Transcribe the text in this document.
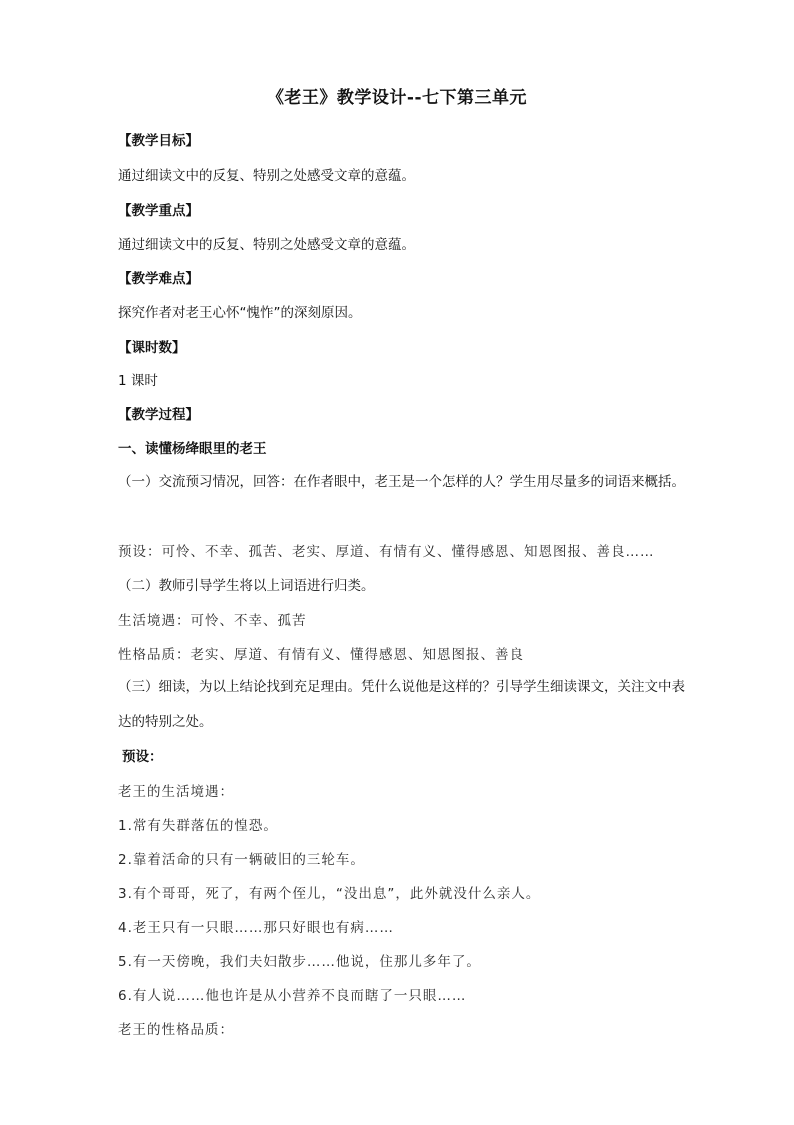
《老王》教学设计--七下第三单元
【教学目标】
通过细读文中的反复、特别之处感受文章的意蕴。
【教学重点】
通过细读文中的反复、特别之处感受文章的意蕴。
【教学难点】
探究作者对老王心怀“愧怍”的深刻原因。
【课时数】
1 课时
【教学过程】
一、读懂杨绛眼里的老王
（一）交流预习情况，回答：在作者眼中，老王是一个怎样的人？学生用尽量多的词语来概括。
预设：可怜、不幸、孤苦、老实、厚道、有情有义、懂得感恩、知恩图报、善良……
（二）教师引导学生将以上词语进行归类。
生活境遇：可怜、不幸、孤苦
性格品质：老实、厚道、有情有义、懂得感恩、知恩图报、善良
（三）细读，为以上结论找到充足理由。凭什么说他是这样的？引导学生细读课文，关注文中表达的特别之处。
预设：
老王的生活境遇：
1.常有失群落伍的惶恐。
2.靠着活命的只有一辆破旧的三轮车。
3.有个哥哥，死了，有两个侄儿，“没出息”，此外就没什么亲人。
4.老王只有一只眼……那只好眼也有病……
5.有一天傍晚，我们夫妇散步……他说，住那儿多年了。
6.有人说……他也许是从小营养不良而瞎了一只眼……
老王的性格品质：
